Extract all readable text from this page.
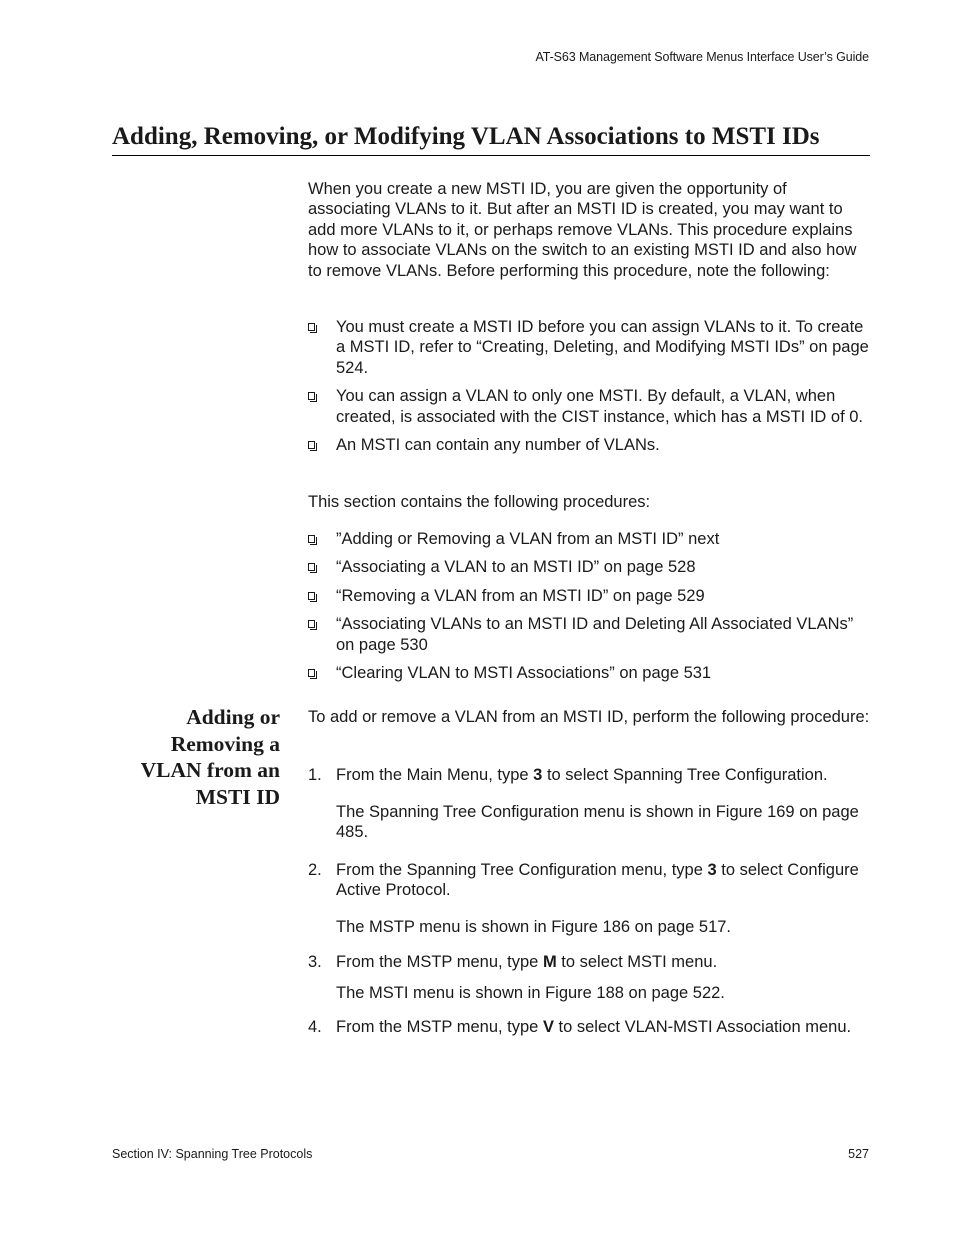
AT-S63 Management Software Menus Interface User’s Guide
Adding, Removing, or Modifying VLAN Associations to MSTI IDs

When you create a new MSTI ID, you are given the opportunity of associating VLANs to it. But after an MSTI ID is created, you may want to add more VLANs to it, or perhaps remove VLANs. This procedure explains how to associate VLANs on the switch to an existing MSTI ID and also how to remove VLANs. Before performing this procedure, note the following:

You must create a MSTI ID before you can assign VLANs to it. To create a MSTI ID, refer to “Creating, Deleting, and Modifying MSTI IDs” on page 524.
You can assign a VLAN to only one MSTI. By default, a VLAN, when created, is associated with the CIST instance, which has a MSTI ID of 0.
An MSTI can contain any number of VLANs.

This section contains the following procedures:

”Adding or Removing a VLAN from an MSTI ID” next
“Associating a VLAN to an MSTI ID” on page 528
“Removing a VLAN from an MSTI ID” on page 529
“Associating VLANs to an MSTI ID and Deleting All Associated VLANs” on page 530
“Clearing VLAN to MSTI Associations” on page 531
Adding or
Removing a
VLAN from an
MSTI ID

To add or remove a VLAN from an MSTI ID, perform the following procedure:

1. From the Main Menu, type 3 to select Spanning Tree Configuration.

The Spanning Tree Configuration menu is shown in Figure 169 on page 485.

2. From the Spanning Tree Configuration menu, type 3 to select Configure Active Protocol.

The MSTP menu is shown in Figure 186 on page 517.

3. From the MSTP menu, type M to select MSTI menu.

The MSTI menu is shown in Figure 188 on page 522.

4. From the MSTP menu, type V to select VLAN-MSTI Association menu.
Section IV: Spanning Tree Protocols	527
